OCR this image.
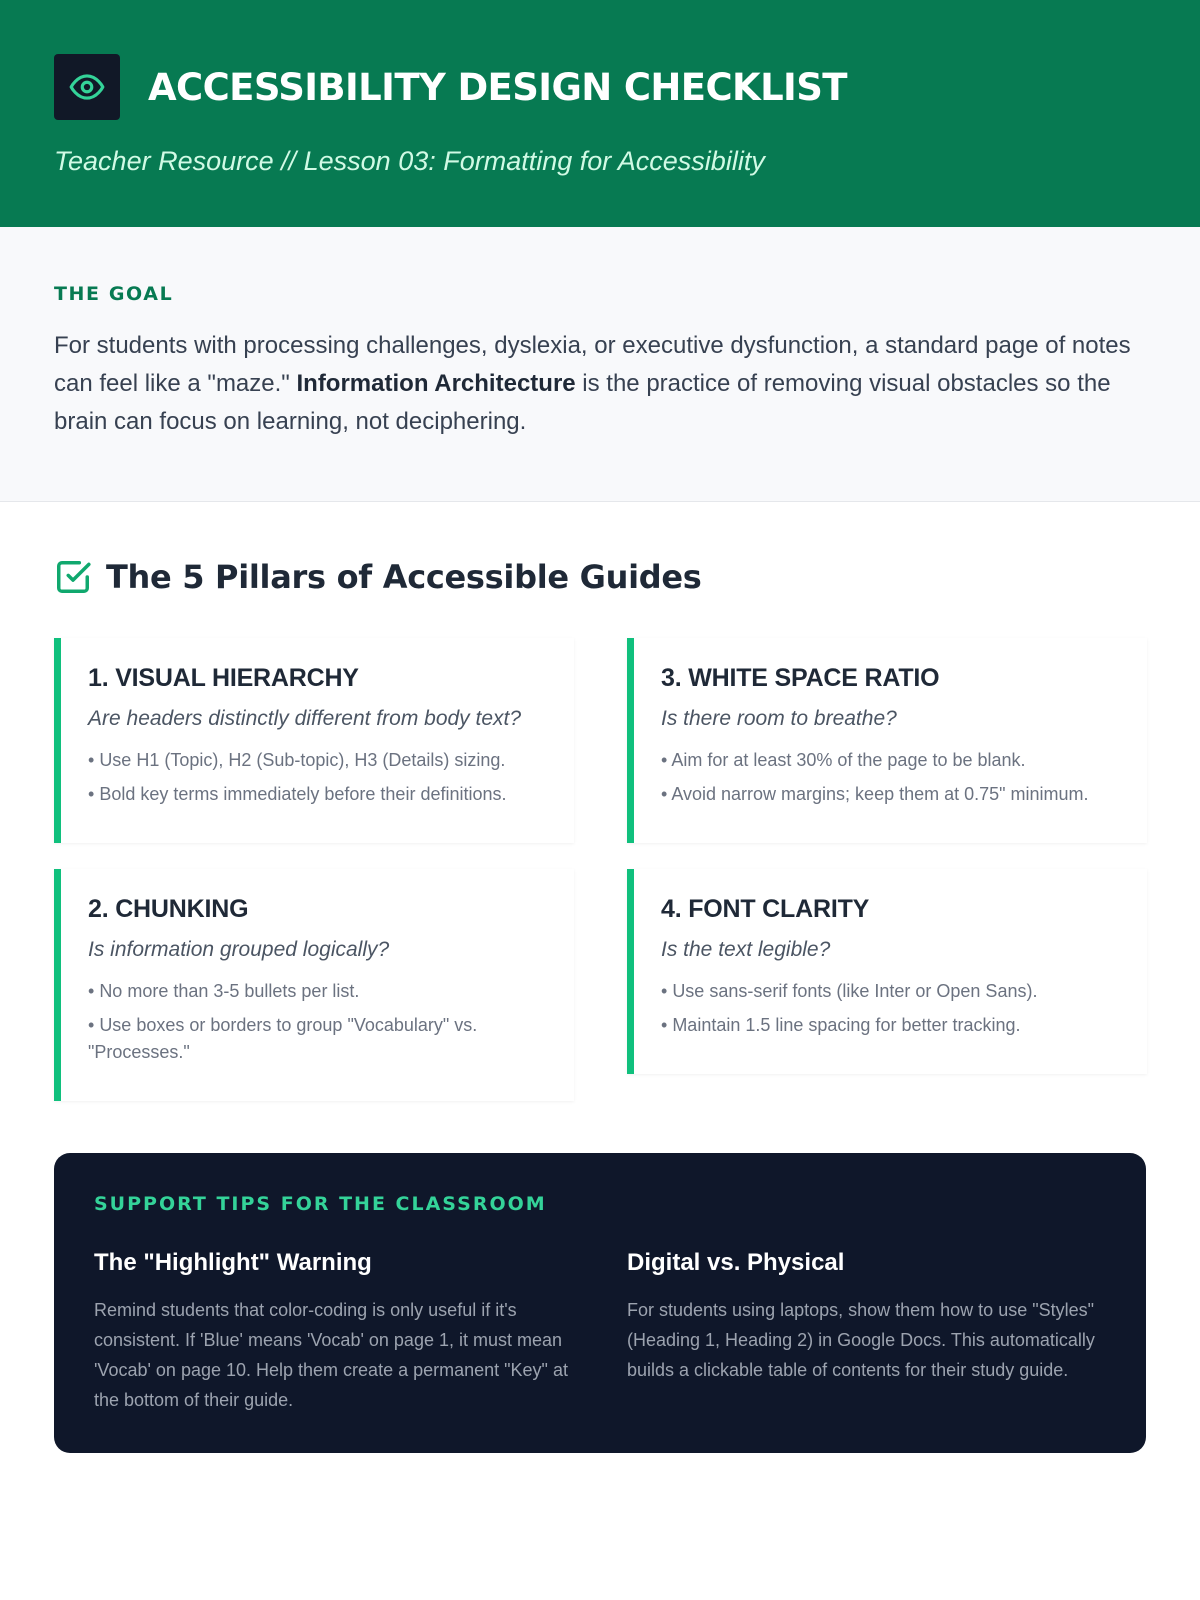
ACCESSIBILITY DESIGN CHECKLIST
Teacher Resource // Lesson 03: Formatting for Accessibility
THE GOAL

For students with processing challenges, dyslexia, or executive dysfunction, a standard page of notes can feel like a "maze." Information Architecture is the practice of removing visual obstacles so the brain can focus on learning, not deciphering.

The 5 Pillars of Accessible Guides
1. VISUAL HIERARCHY
Are headers distinctly different from body text?
• Use H1 (Topic), H2 (Sub-topic), H3 (Details) sizing.
• Bold key terms immediately before their definitions.
2. CHUNKING
Is information grouped logically?
• No more than 3-5 bullets per list.
• Use boxes or borders to group "Vocabulary" vs. "Processes."
3. WHITE SPACE RATIO
Is there room to breathe?
• Aim for at least 30% of the page to be blank.
• Avoid narrow margins; keep them at 0.75" minimum.
4. FONT CLARITY
Is the text legible?
• Use sans-serif fonts (like Inter or Open Sans).
• Maintain 1.5 line spacing for better tracking.
SUPPORT TIPS FOR THE CLASSROOM
The "Highlight" Warning

Remind students that color-coding is only useful if it's consistent. If 'Blue' means 'Vocab' on page 1, it must mean 'Vocab' on page 10. Help them create a permanent "Key" at the bottom of their guide.

Digital vs. Physical

For students using laptops, show them how to use "Styles" (Heading 1, Heading 2) in Google Docs. This automatically builds a clickable table of contents for their study guide.
